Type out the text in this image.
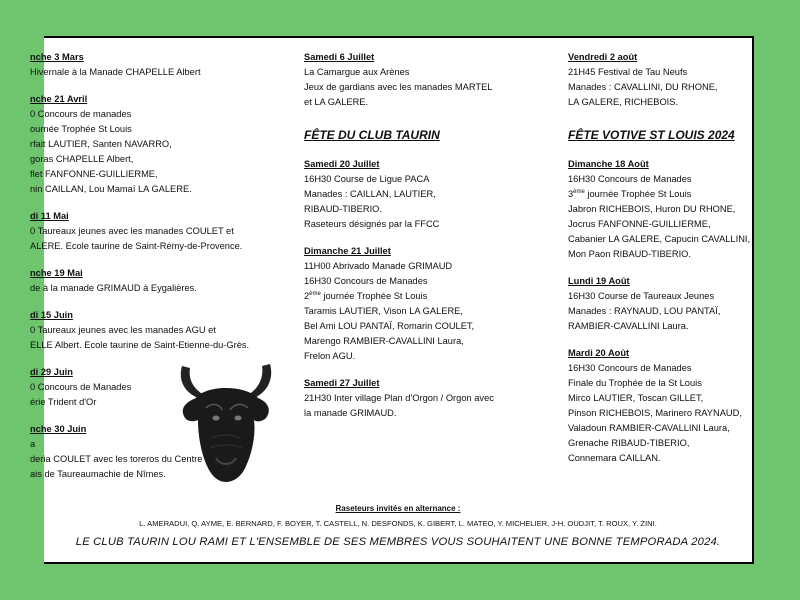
nche 3 Mars
Hivernale à la Manade CHAPELLE Albert
nche 21 Avril
0 Concours de manades
ournée Trophée St Louis
rfait LAUTIER, Santen NAVARRO,
goras CHAPELLE Albert,
flet FANFONNE-GUILLIERME,
nin CAILLAN, Lou Mamaï LA GALERE.
di 11 Mai
0 Taureaux jeunes avec les manades COULET et
ALERE. Ecole taurine de Saint-Rémy-de-Provence.
nche 19 Mai
de à la manade GRIMAUD à Eygalières.
di 15 Juin
0 Taureaux jeunes avec les manades AGU et
ELLE Albert. Ecole taurine de Saint-Etienne-du-Grès.
di 29 Juin
0 Concours de Manades
érie Trident d'Or
nche 30 Juin
a
deria COULET avec les toreros du Centre
ais de Taureaumachie de Nîmes.
Samedi 6 Juillet
La Camargue aux Arènes
Jeux de gardians avec les manades MARTEL
et LA GALERE.
FÊTE DU CLUB TAURIN
Samedi 20 Juillet
16H30 Course de Ligue PACA
Manades : CAILLAN, LAUTIER,
RIBAUD-TIBERIO.
Raseteurs désignés par la FFCC
Dimanche 21 Juillet
11H00 Abrivado Manade GRIMAUD
16H30 Concours de Manades
2ème journée Trophée St Louis
Taramis LAUTIER, Vison LA GALERE,
Bel Ami LOU PANTAÏ, Romarin COULET,
Marengo RAMBIER-CAVALLINI Laura,
Frelon AGU.
Samedi 27 Juillet
21H30 Inter village Plan d'Orgon / Orgon avec
la manade GRIMAUD.
Vendredi 2 août
21H45 Festival de Tau Neufs
Manades : CAVALLINI, DU RHONE,
LA GALERE, RICHEBOIS.
FÊTE VOTIVE ST LOUIS 2024
Dimanche 18 Août
16H30 Concours de Manades
3ème journée Trophée St Louis
Jabron RICHEBOIS, Huron DU RHONE,
Jocrus FANFONNE-GUILLIERME,
Cabanier LA GALERE, Capucin CAVALLINI,
Mon Paon RIBAUD-TIBERIO.
Lundi 19 Août
16H30 Course de Taureaux Jeunes
Manades : RAYNAUD, LOU PANTAÏ,
RAMBIER-CAVALLINI Laura.
Mardi 20 Août
16H30 Concours de Manades
Finale du Trophée de la St Louis
Mirco LAUTIER, Toscan GILLET,
Pinson RICHEBOIS, Marinero RAYNAUD,
Valadoun RAMBIER-CAVALLINI Laura,
Grenache RIBAUD-TIBERIO,
Connemara CAILLAN.
Raseteurs invités en alternance :
L. AMERADUI, Q. AYME, E. BERNARD, F. BOYER, T. CASTELL, N. DESFONDS, K. GIBERT, L. MATEO, Y. MICHELIER, J-H. OUDJIT, T. ROUX, Y. ZINI.
LE CLUB TAURIN LOU RAMI ET L'ENSEMBLE DE SES MEMBRES VOUS SOUHAITENT UNE BONNE TEMPORADA 2024.
